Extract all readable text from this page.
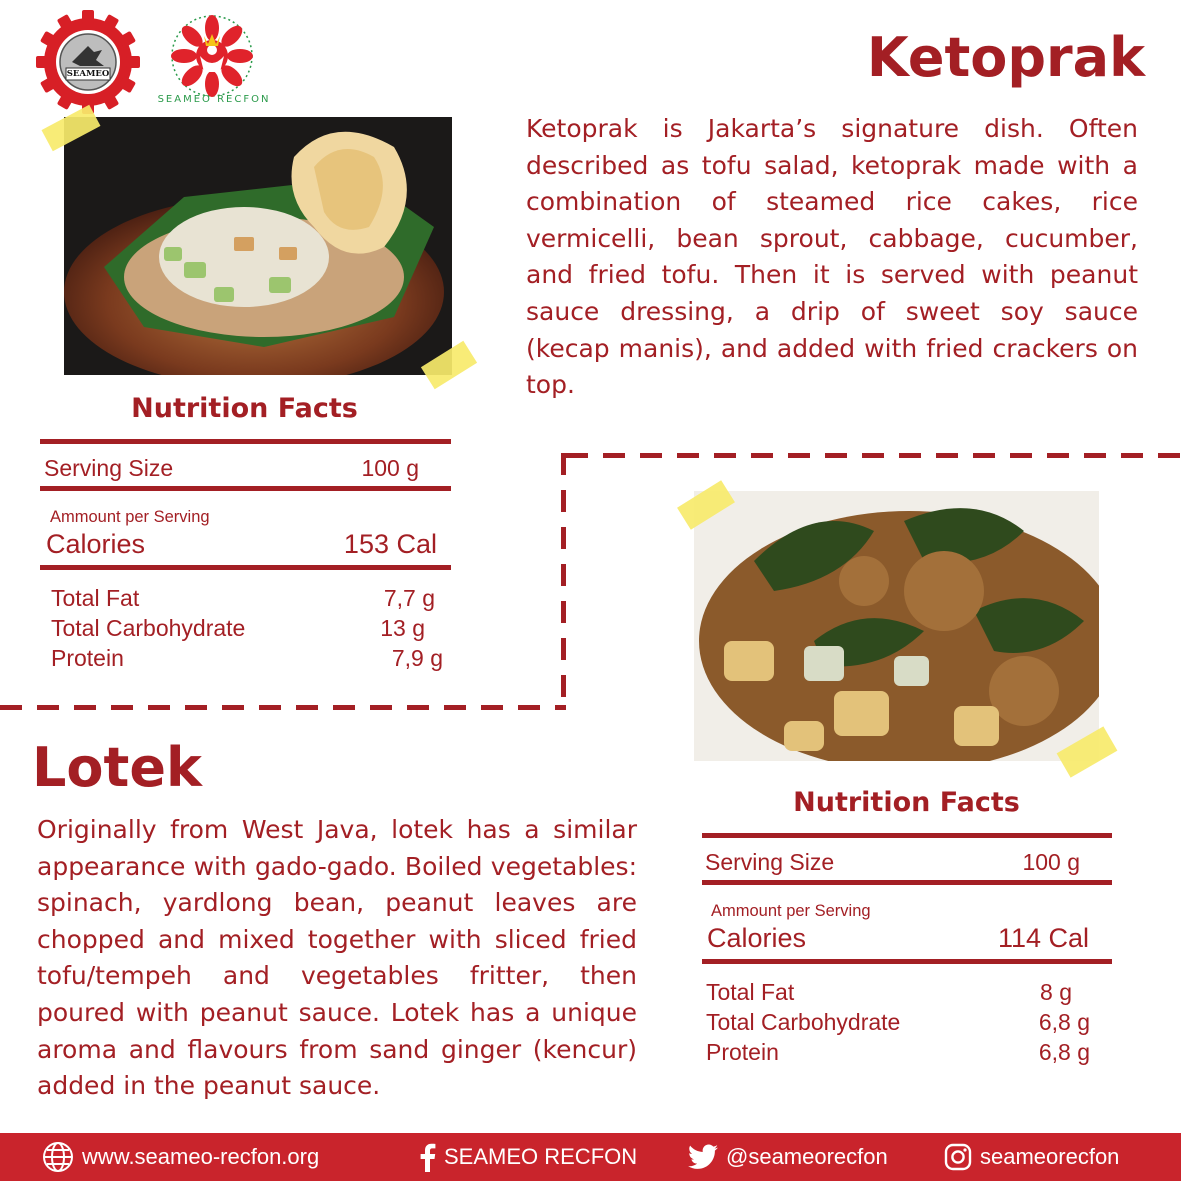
SEAMEO
SEAMEO RECFON
Ketoprak
Ketoprak is Jakarta’s signature dish. Often described as tofu salad, ketoprak made with a combination of steamed rice cakes, rice vermicelli, bean sprout, cabbage, cucumber, and fried tofu. Then it is served with peanut sauce dressing, a drip of sweet soy sauce (kecap manis), and added with fried crackers on top.
Nutrition Facts
Serving Size	100 g
Ammount per Serving
Calories	153 Cal
Total Fat	7,7 g
Total Carbohydrate	13 g
Protein	7,9 g
Nutrition Facts
Serving Size	100 g
Ammount per Serving
Calories	114 Cal
Total Fat	8 g
Total Carbohydrate	6,8 g
Protein	6,8 g
Lotek
Originally from West Java, lotek has a similar appearance with gado-gado. Boiled vegetables: spinach, yardlong bean, peanut leaves are chopped and mixed together with sliced fried tofu/tempeh and vegetables fritter, then poured with peanut sauce. Lotek has a unique aroma and flavours from sand ginger (kencur) added in the peanut sauce.
www.seameo-recfon.org	SEAMEO RECFON	@seameorecfon	seameorecfon
